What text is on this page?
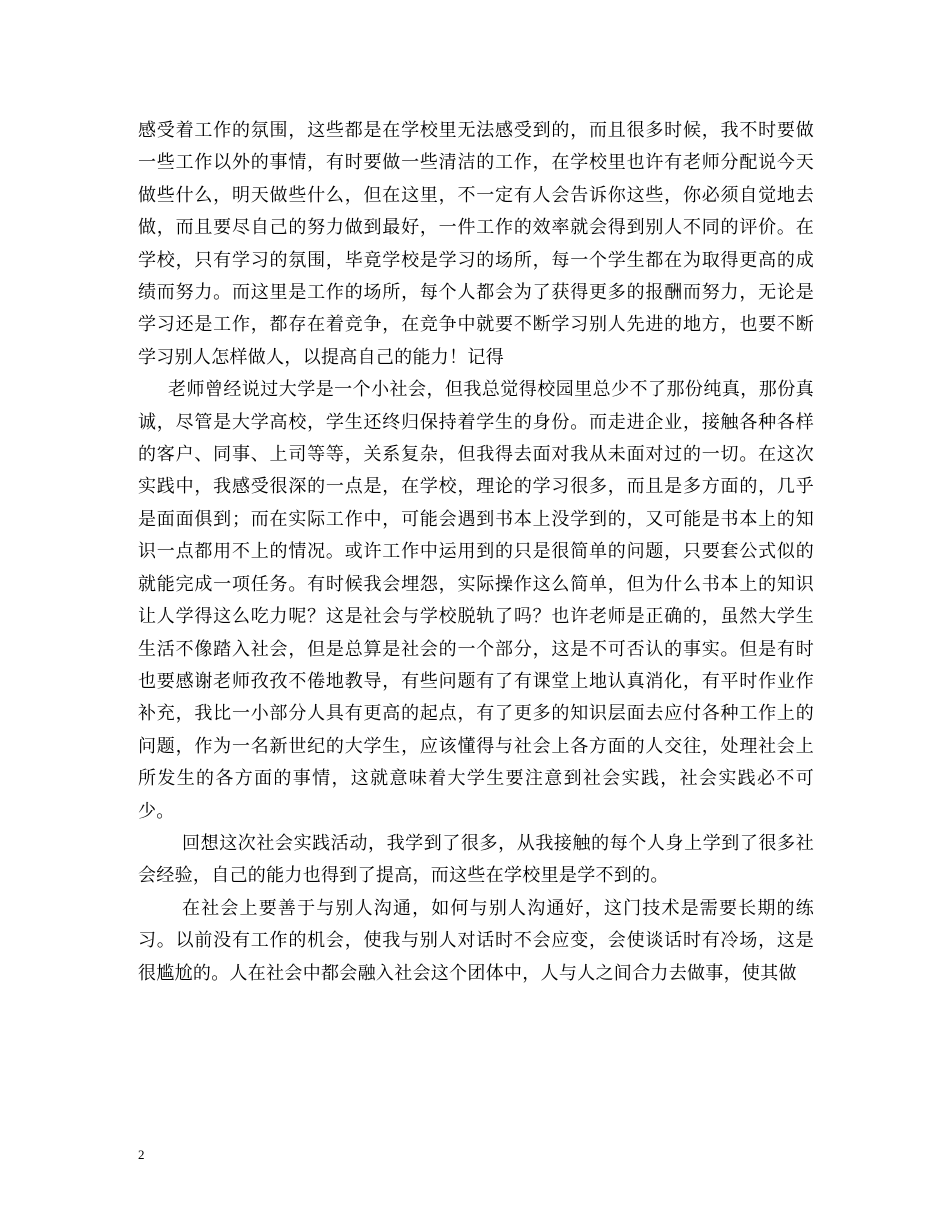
感受着工作的氛围，这些都是在学校里无法感受到的，而且很多时候，我不时要做一些工作以外的事情，有时要做一些清洁的工作，在学校里也许有老师分配说今天做些什么，明天做些什么，但在这里，不一定有人会告诉你这些，你必须自觉地去做，而且要尽自己的努力做到最好，一件工作的效率就会得到别人不同的评价。在学校，只有学习的氛围，毕竟学校是学习的场所，每一个学生都在为取得更高的成绩而努力。而这里是工作的场所，每个人都会为了获得更多的报酬而努力，无论是学习还是工作，都存在着竞争，在竞争中就要不断学习别人先进的地方，也要不断学习别人怎样做人，以提高自己的能力！记得

老师曾经说过大学是一个小社会，但我总觉得校园里总少不了那份纯真，那份真诚，尽管是大学高校，学生还终归保持着学生的身份。而走进企业，接触各种各样的客户、同事、上司等等，关系复杂，但我得去面对我从未面对过的一切。在这次实践中，我感受很深的一点是，在学校，理论的学习很多，而且是多方面的，几乎是面面俱到；而在实际工作中，可能会遇到书本上没学到的，又可能是书本上的知识一点都用不上的情况。或许工作中运用到的只是很简单的问题，只要套公式似的就能完成一项任务。有时候我会埋怨，实际操作这么简单，但为什么书本上的知识让人学得这么吃力呢？这是社会与学校脱轨了吗？也许老师是正确的，虽然大学生生活不像踏入社会，但是总算是社会的一个部分，这是不可否认的事实。但是有时也要感谢老师孜孜不倦地教导，有些问题有了有课堂上地认真消化，有平时作业作补充，我比一小部分人具有更高的起点，有了更多的知识层面去应付各种工作上的问题，作为一名新世纪的大学生，应该懂得与社会上各方面的人交往，处理社会上所发生的各方面的事情，这就意味着大学生要注意到社会实践，社会实践必不可少。

回想这次社会实践活动，我学到了很多，从我接触的每个人身上学到了很多社会经验，自己的能力也得到了提高，而这些在学校里是学不到的。

在社会上要善于与别人沟通，如何与别人沟通好，这门技术是需要长期的练习。以前没有工作的机会，使我与别人对话时不会应变，会使谈话时有冷场，这是很尴尬的。人在社会中都会融入社会这个团体中，人与人之间合力去做事，使其做

2
